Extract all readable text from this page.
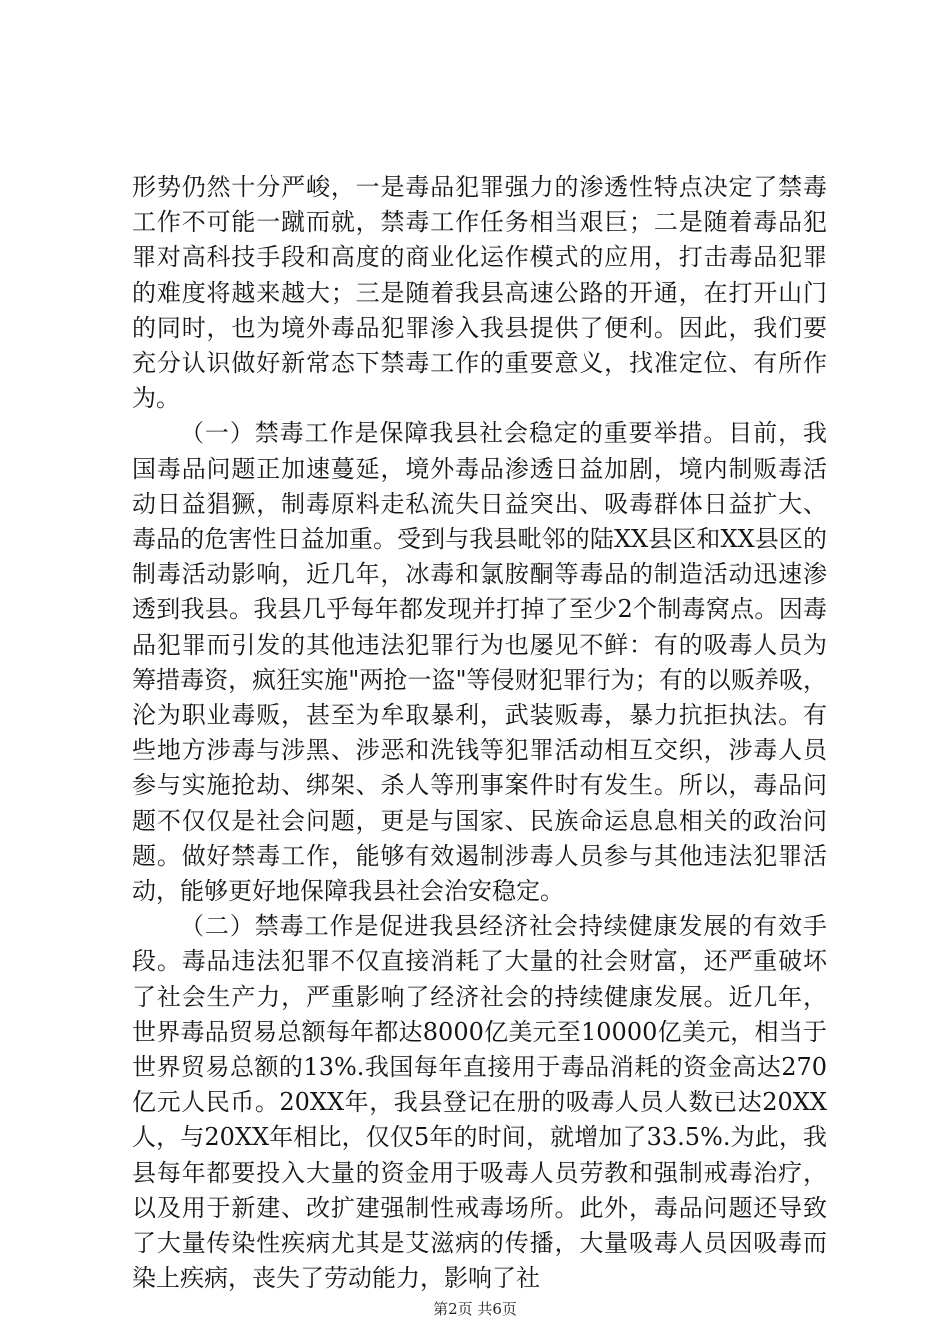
形势仍然十分严峻，一是毒品犯罪强力的渗透性特点决定了禁毒工作不可能一蹴而就，禁毒工作任务相当艰巨；二是随着毒品犯罪对高科技手段和高度的商业化运作模式的应用，打击毒品犯罪的难度将越来越大；三是随着我县高速公路的开通，在打开山门的同时，也为境外毒品犯罪渗入我县提供了便利。因此，我们要充分认识做好新常态下禁毒工作的重要意义，找准定位、有所作为。

（一）禁毒工作是保障我县社会稳定的重要举措。目前，我国毒品问题正加速蔓延，境外毒品渗透日益加剧，境内制贩毒活动日益猖獗，制毒原料走私流失日益突出、吸毒群体日益扩大、毒品的危害性日益加重。受到与我县毗邻的陆XX县区和XX县区的制毒活动影响，近几年，冰毒和氯胺酮等毒品的制造活动迅速渗透到我县。我县几乎每年都发现并打掉了至少2个制毒窝点。因毒品犯罪而引发的其他违法犯罪行为也屡见不鲜：有的吸毒人员为筹措毒资，疯狂实施"两抢一盗"等侵财犯罪行为；有的以贩养吸，沦为职业毒贩，甚至为牟取暴利，武装贩毒，暴力抗拒执法。有些地方涉毒与涉黑、涉恶和洗钱等犯罪活动相互交织，涉毒人员参与实施抢劫、绑架、杀人等刑事案件时有发生。所以，毒品问题不仅仅是社会问题，更是与国家、民族命运息息相关的政治问题。做好禁毒工作，能够有效遏制涉毒人员参与其他违法犯罪活动，能够更好地保障我县社会治安稳定。

（二）禁毒工作是促进我县经济社会持续健康发展的有效手段。毒品违法犯罪不仅直接消耗了大量的社会财富，还严重破坏了社会生产力，严重影响了经济社会的持续健康发展。近几年，世界毒品贸易总额每年都达8000亿美元至10000亿美元，相当于世界贸易总额的13%.我国每年直接用于毒品消耗的资金高达270亿元人民币。20XX年，我县登记在册的吸毒人员人数已达20XX人，与20XX年相比，仅仅5年的时间，就增加了33.5%.为此，我县每年都要投入大量的资金用于吸毒人员劳教和强制戒毒治疗，以及用于新建、改扩建强制性戒毒场所。此外，毒品问题还导致了大量传染性疾病尤其是艾滋病的传播，大量吸毒人员因吸毒而染上疾病，丧失了劳动能力，影响了社

第2页 共6页
